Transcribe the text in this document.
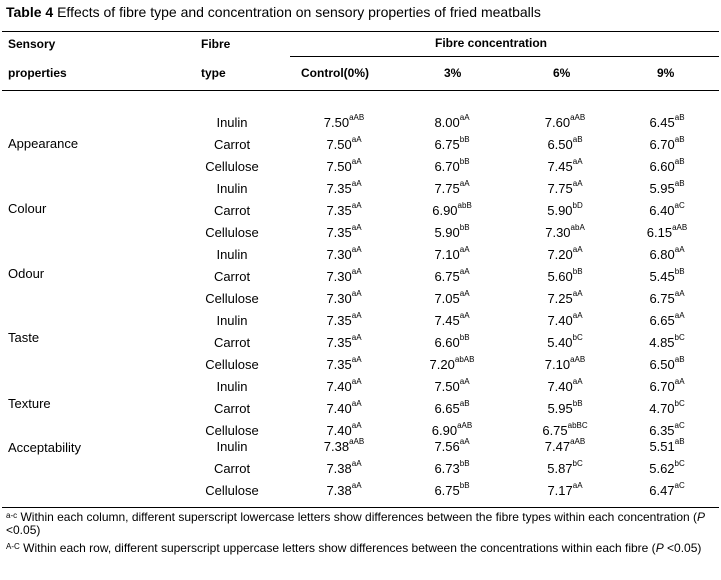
Table 4 Effects of fibre type and concentration on sensory properties of fried meatballs
Sensory
properties
Fibre
type
Fibre concentration
Control(0%)	3%	6%	9%
Appearance
Inulin	$7.50^{aAB}$	$8.00^{aA}$	$7.60^{aAB}$	$6.45^{aB}$
Carrot	$7.50^{aA}$	$6.75^{bB}$	$6.50^{aB}$	$6.70^{aB}$
Cellulose	$7.50^{aA}$	$6.70^{bB}$	$7.45^{aA}$	$6.60^{aB}$
Colour
Inulin	$7.35^{aA}$	$7.75^{aA}$	$7.75^{aA}$	$5.95^{aB}$
Carrot	$7.35^{aA}$	$6.90^{abB}$	$5.90^{bD}$	$6.40^{aC}$
Cellulose	$7.35^{aA}$	$5.90^{bB}$	$7.30^{abA}$	$6.15^{aAB}$
Odour
Inulin	$7.30^{aA}$	$7.10^{aA}$	$7.20^{aA}$	$6.80^{aA}$
Carrot	$7.30^{aA}$	$6.75^{aA}$	$5.60^{bB}$	$5.45^{bB}$
Cellulose	$7.30^{aA}$	$7.05^{aA}$	$7.25^{aA}$	$6.75^{aA}$
Taste
Inulin	$7.35^{aA}$	$7.45^{aA}$	$7.40^{aA}$	$6.65^{aA}$
Carrot	$7.35^{aA}$	$6.60^{bB}$	$5.40^{bC}$	$4.85^{bC}$
Cellulose	$7.35^{aA}$	$7.20^{abAB}$	$7.10^{aAB}$	$6.50^{aB}$
Texture
Inulin	$7.40^{aA}$	$7.50^{aA}$	$7.40^{aA}$	$6.70^{aA}$
Carrot	$7.40^{aA}$	$6.65^{aB}$	$5.95^{bB}$	$4.70^{bC}$
Cellulose	$7.40^{aA}$	$6.90^{aAB}$	$6.75^{abBC}$	$6.35^{aC}$
Acceptability	Inulin	$7.38^{aAB}$	$7.56^{aA}$	$7.47^{aAB}$	$5.51^{aB}$
Carrot	$7.38^{aA}$	$6.73^{bB}$	$5.87^{bC}$	$5.62^{bC}$
Cellulose	$7.38^{aA}$	$6.75^{bB}$	$7.17^{aA}$	$6.47^{aC}$
$^{a-c}$ Within each column, different superscript lowercase letters show differences between the fibre types within each concentration (P <0.05)
$^{A-C}$ Within each row, different superscript uppercase letters show differences between the concentrations within each fibre (P <0.05)
